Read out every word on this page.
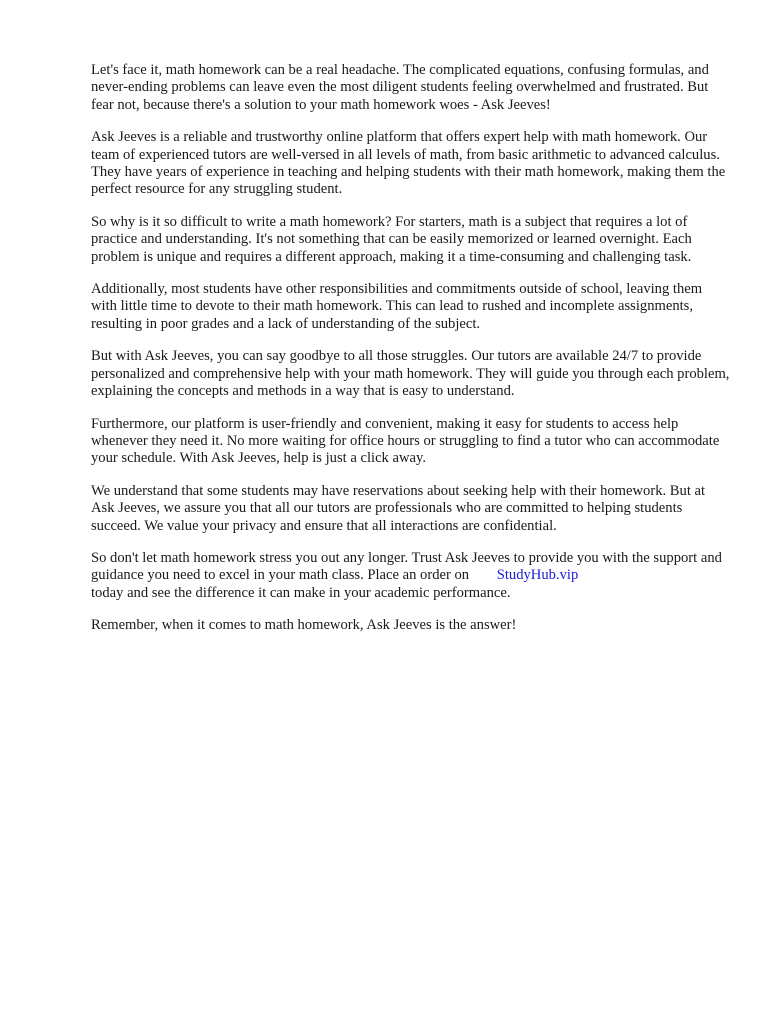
Let's face it, math homework can be a real headache. The complicated equations, confusing formulas, and never-ending problems can leave even the most diligent students feeling overwhelmed and frustrated. But fear not, because there's a solution to your math homework woes - Ask Jeeves!

Ask Jeeves is a reliable and trustworthy online platform that offers expert help with math homework. Our team of experienced tutors are well-versed in all levels of math, from basic arithmetic to advanced calculus. They have years of experience in teaching and helping students with their math homework, making them the perfect resource for any struggling student.

So why is it so difficult to write a math homework? For starters, math is a subject that requires a lot of practice and understanding. It's not something that can be easily memorized or learned overnight. Each problem is unique and requires a different approach, making it a time-consuming and challenging task.

Additionally, most students have other responsibilities and commitments outside of school, leaving them with little time to devote to their math homework. This can lead to rushed and incomplete assignments, resulting in poor grades and a lack of understanding of the subject.

But with Ask Jeeves, you can say goodbye to all those struggles. Our tutors are available 24/7 to provide personalized and comprehensive help with your math homework. They will guide you through each problem, explaining the concepts and methods in a way that is easy to understand.

Furthermore, our platform is user-friendly and convenient, making it easy for students to access help whenever they need it. No more waiting for office hours or struggling to find a tutor who can accommodate your schedule. With Ask Jeeves, help is just a click away.

We understand that some students may have reservations about seeking help with their homework. But at Ask Jeeves, we assure you that all our tutors are professionals who are committed to helping students succeed. We value your privacy and ensure that all interactions are confidential.

So don't let math homework stress you out any longer. Trust Ask Jeeves to provide you with the support and guidance you need to excel in your math class. Place an order on StudyHub.vip
today and see the difference it can make in your academic performance.

Remember, when it comes to math homework, Ask Jeeves is the answer!
